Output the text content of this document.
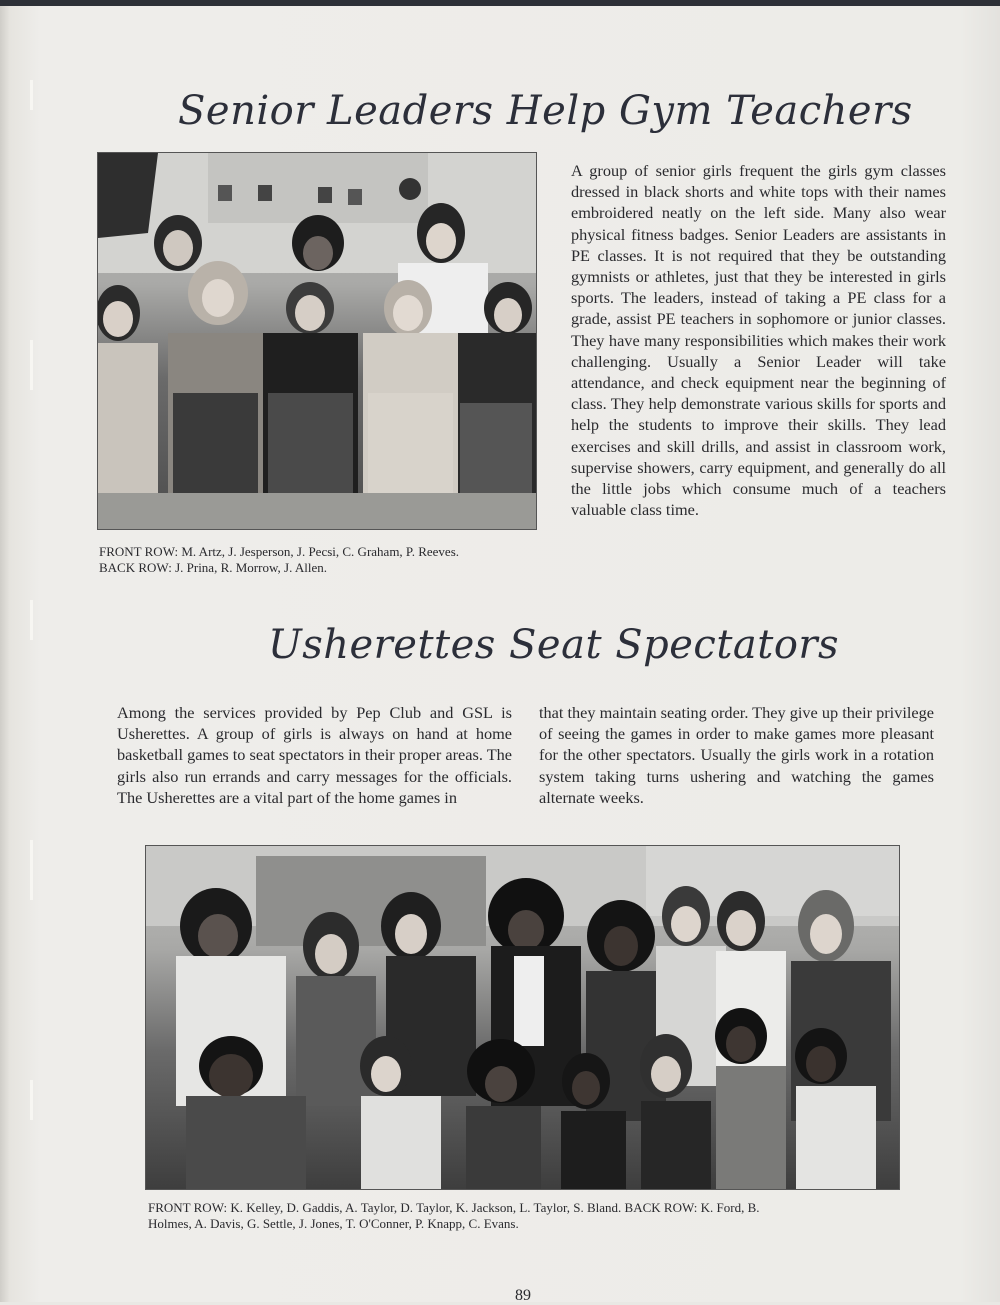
Senior Leaders Help Gym Teachers

FRONT ROW: M. Artz, J. Jesperson, J. Pecsi, C. Graham, P. Reeves.

BACK ROW: J. Prina, R. Morrow, J. Allen.

A group of senior girls frequent the girls gym classes dressed in black shorts and white tops with their names embroidered neatly on the left side. Many also wear physical fitness badges. Senior Leaders are assistants in PE classes. It is not required that they be outstanding gymnists or athletes, just that they be interested in girls sports. The leaders, instead of taking a PE class for a grade, assist PE teachers in sophomore or junior classes. They have many responsibilities which makes their work challenging. Usually a Senior Leader will take attendance, and check equipment near the beginning of class. They help demonstrate various skills for sports and help the students to improve their skills. They lead exercises and skill drills, and assist in classroom work, supervise showers, carry equipment, and generally do all the little jobs which consume much of a teachers valuable class time.

Usherettes Seat Spectators

Among the services provided by Pep Club and GSL is Usherettes. A group of girls is always on hand at home basketball games to seat spectators in their proper areas. The girls also run errands and carry messages for the officials. The Usherettes are a vital part of the home games in

that they maintain seating order. They give up their privilege of seeing the games in order to make games more pleasant for the other spectators. Usually the girls work in a rotation system taking turns ushering and watching the games alternate weeks.

FRONT ROW: K. Kelley, D. Gaddis, A. Taylor, D. Taylor, K. Jackson, L. Taylor, S. Bland. BACK ROW: K. Ford, B.

Holmes, A. Davis, G. Settle, J. Jones, T. O'Conner, P. Knapp, C. Evans.

89
